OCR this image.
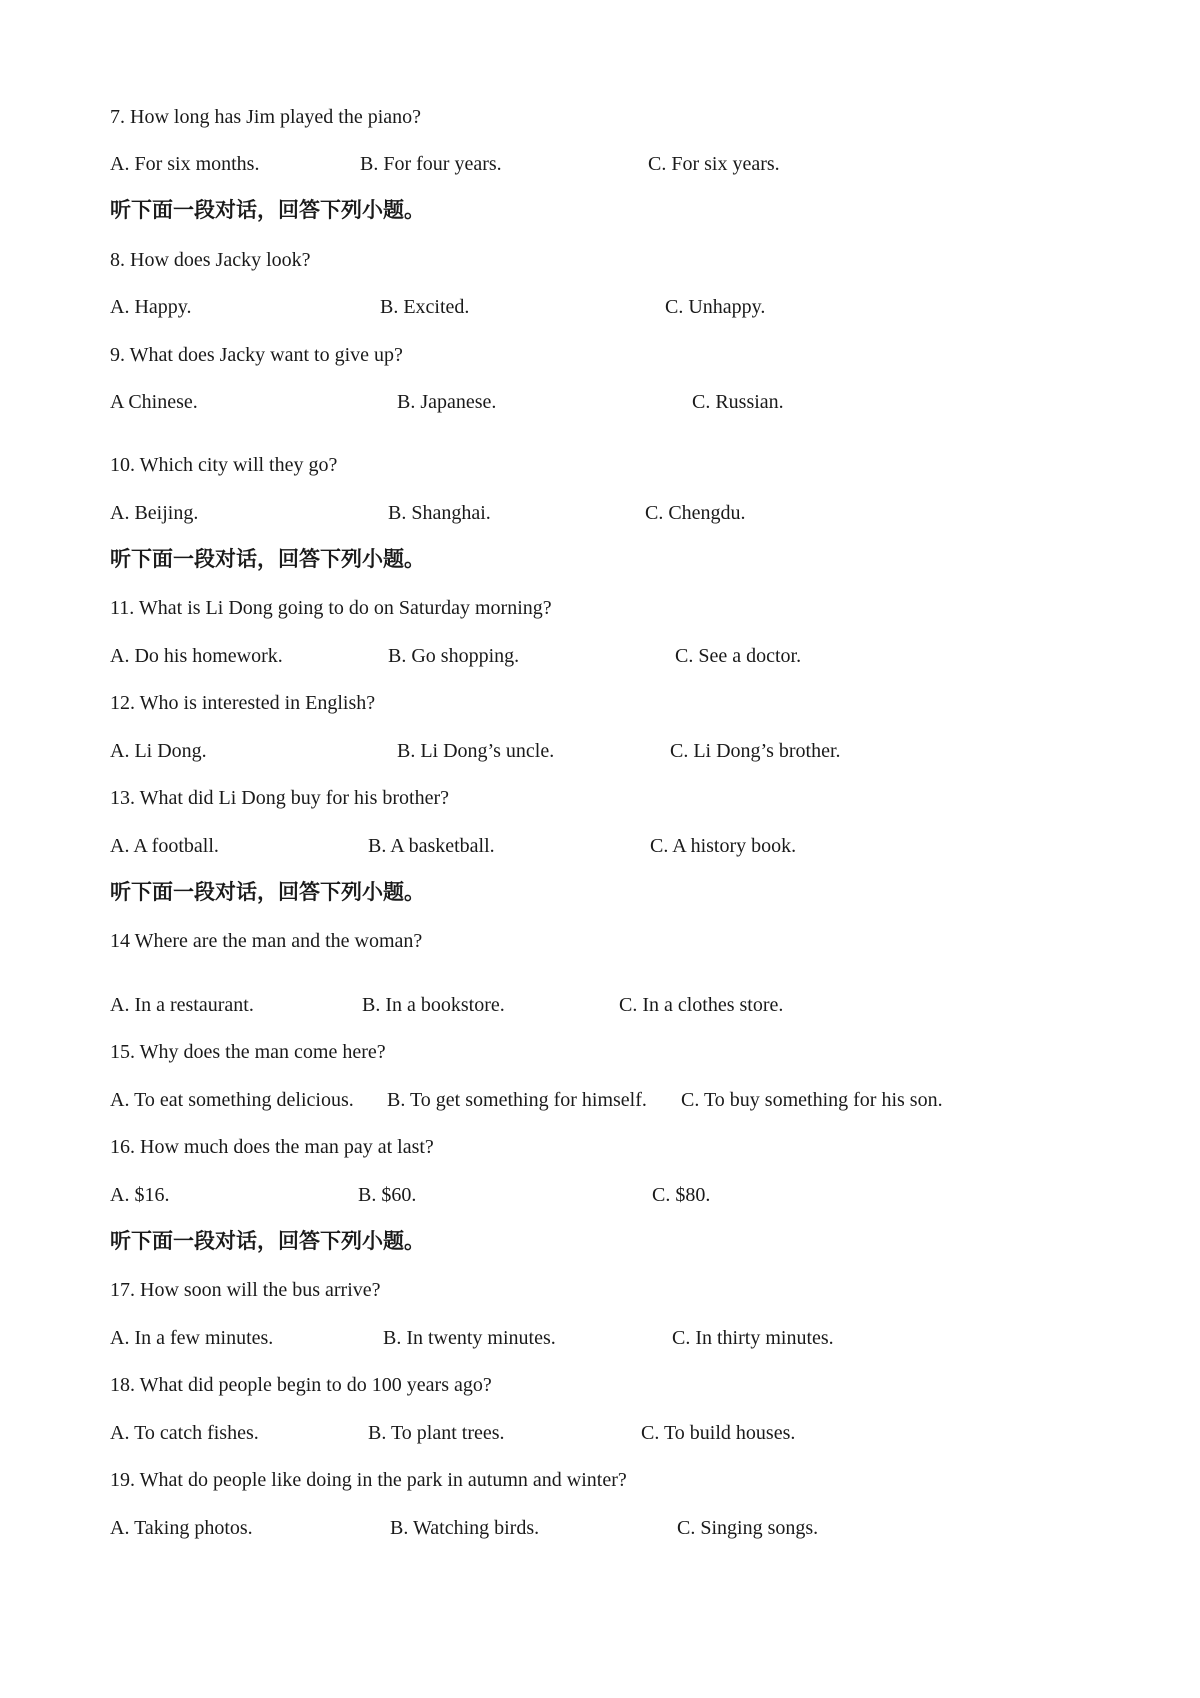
7. How long has Jim played the piano?
A. For six months.	B. For four years.	C. For six years.
听下面一段对话，回答下列小题。
8. How does Jacky look?
A. Happy.	B. Excited.	C. Unhappy.
9. What does Jacky want to give up?
A Chinese.	B. Japanese.	C. Russian.
10. Which city will they go?
A. Beijing.	B. Shanghai.	C. Chengdu.
听下面一段对话，回答下列小题。
11. What is Li Dong going to do on Saturday morning?
A. Do his homework.	B. Go shopping.	C. See a doctor.
12. Who is interested in English?
A. Li Dong.	B. Li Dong’s uncle.	C. Li Dong’s brother.
13. What did Li Dong buy for his brother?
A. A football.	B. A basketball.	C. A history book.
听下面一段对话，回答下列小题。
14 Where are the man and the woman?
A. In a restaurant.	B. In a bookstore.	C. In a clothes store.
15. Why does the man come here?
A. To eat something delicious. B. To get something for himself. C. To buy something for his son.
16. How much does the man pay at last?
A. $16.	B. $60.	C. $80.
听下面一段对话，回答下列小题。
17. How soon will the bus arrive?
A. In a few minutes.	B. In twenty minutes.	C. In thirty minutes.
18. What did people begin to do 100 years ago?
A. To catch fishes.	B. To plant trees.	C. To build houses.
19. What do people like doing in the park in autumn and winter?
A. Taking photos.	B. Watching birds.	C. Singing songs.
